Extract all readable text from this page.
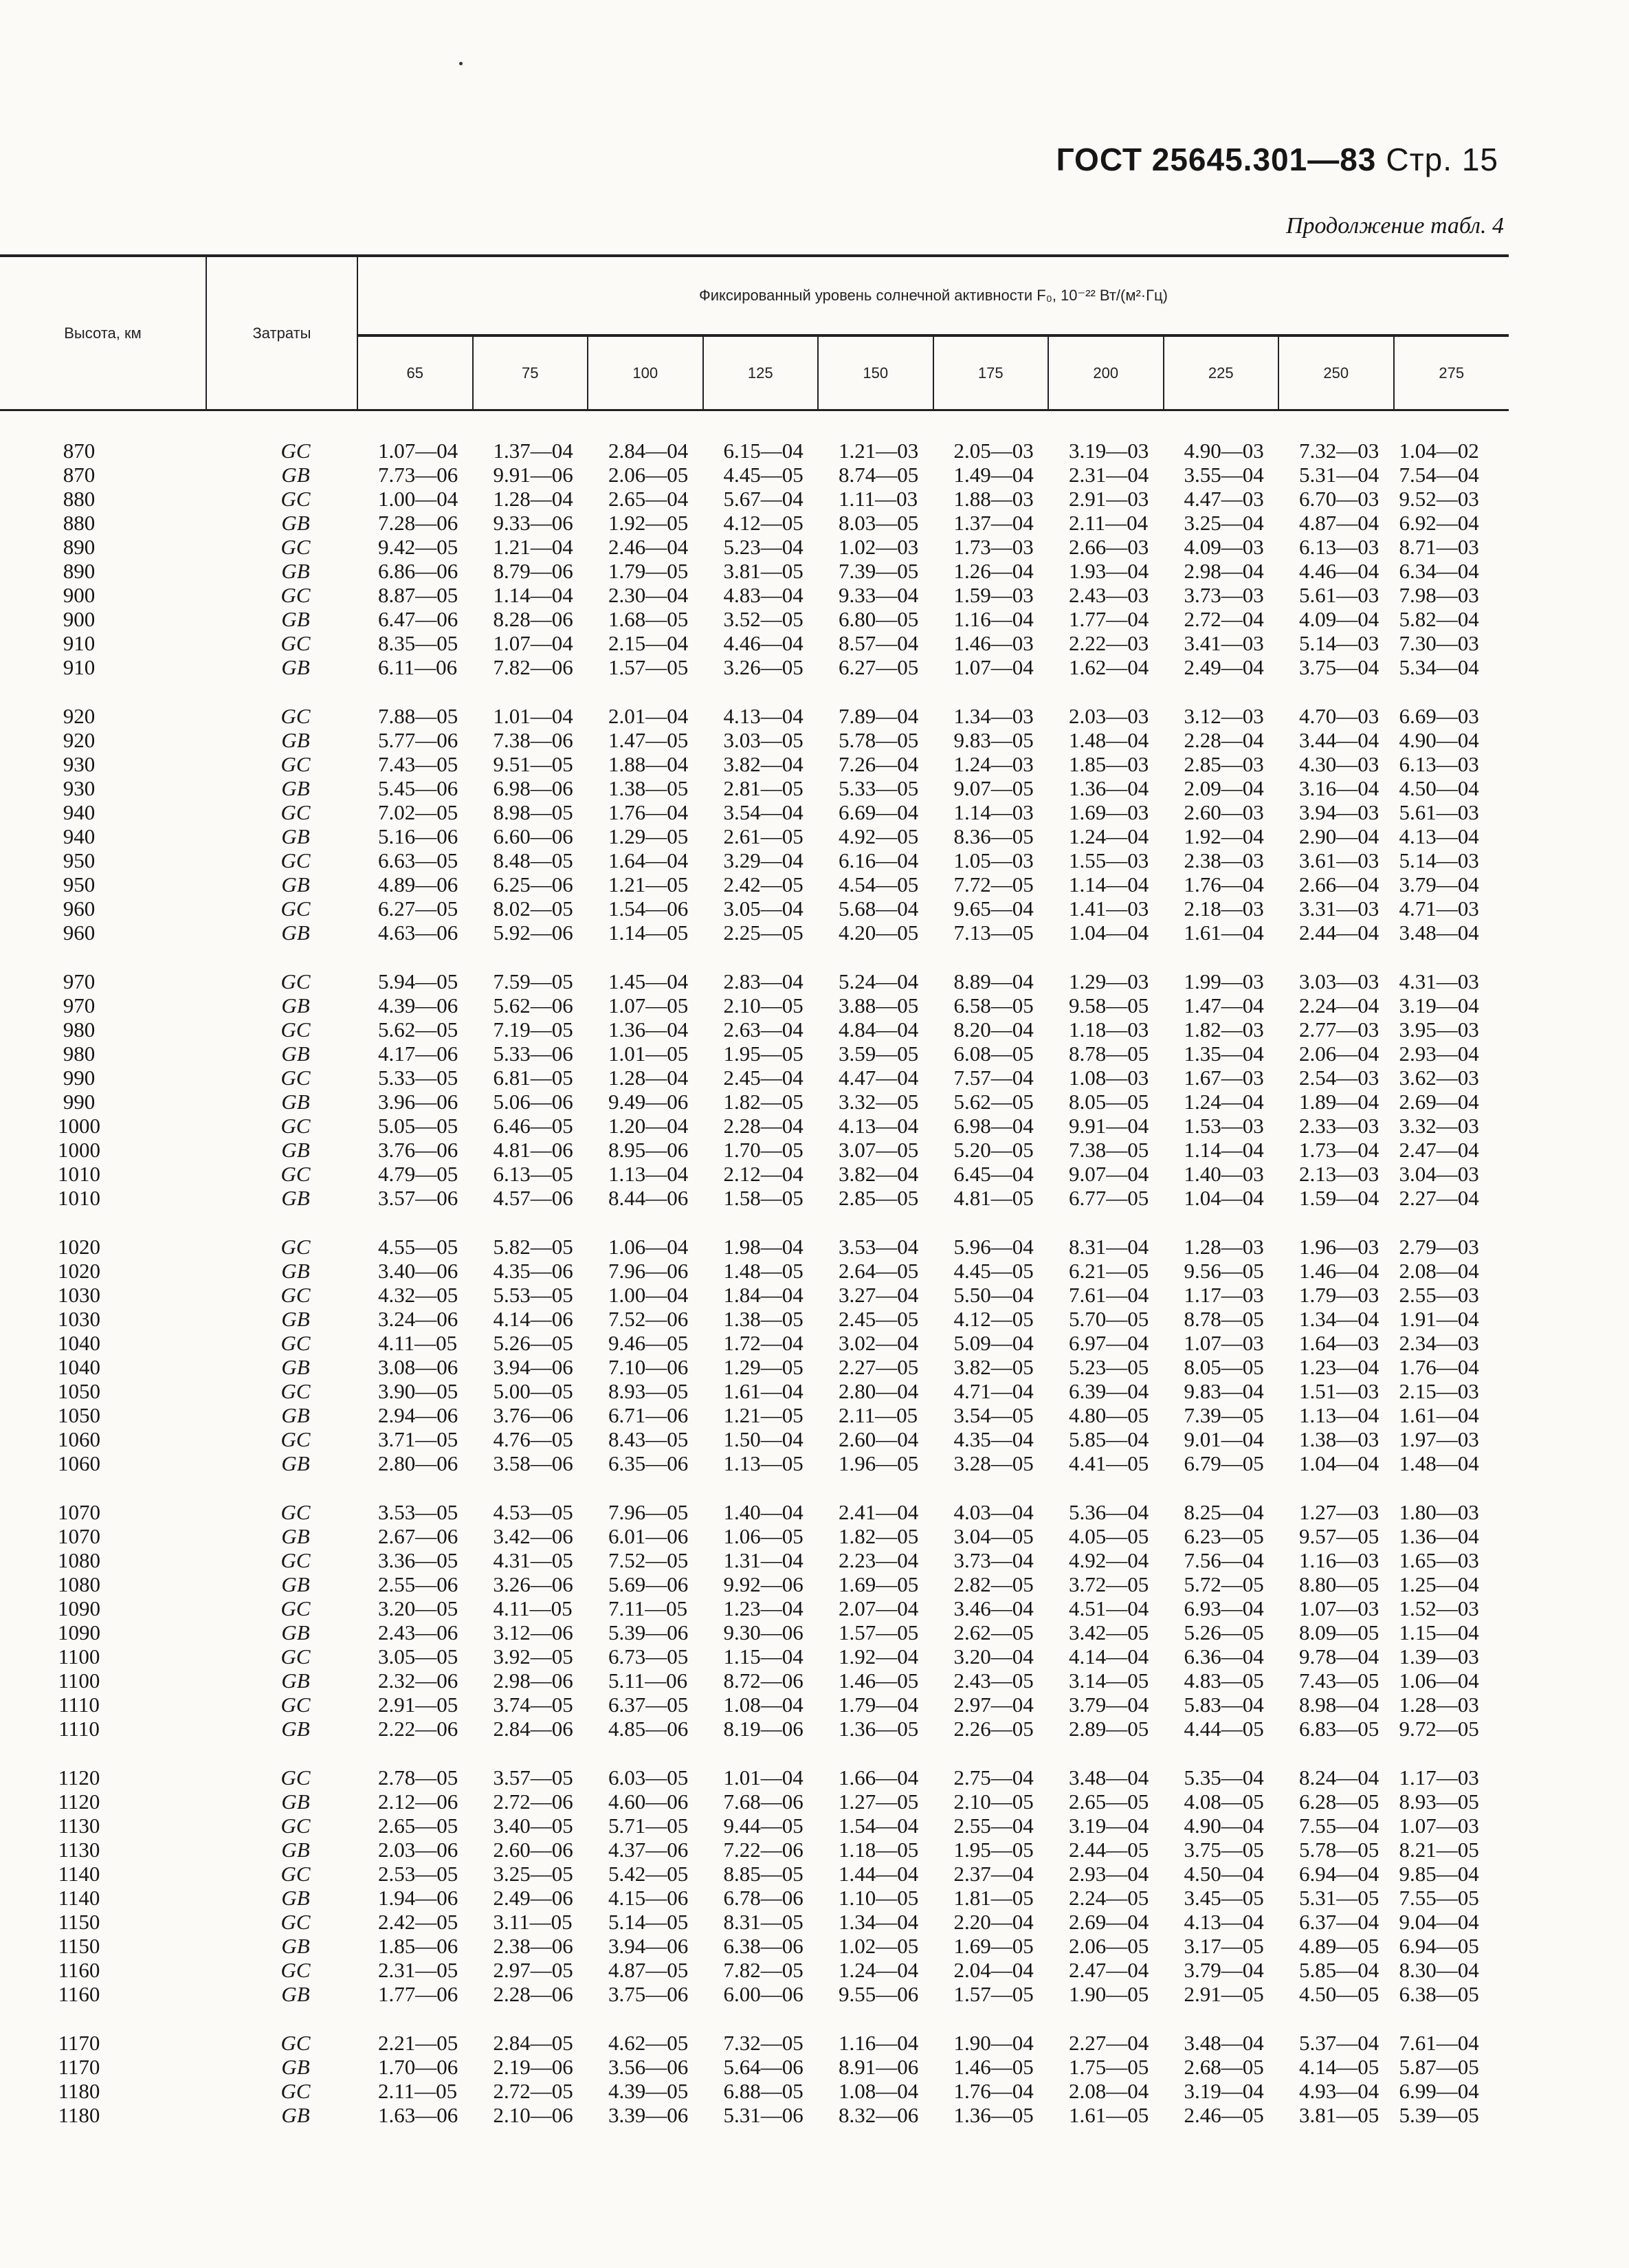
ГОСТ 25645.301—83 Стр. 15
Продолжение табл. 4
Высота, км	Затраты	Фиксированный уровень солнечной активности F₀, 10⁻²² Вт/(м²·Гц)									
		65	75	100	125	150	175	200	225	250	275

870	GC	1.07—04	1.37—04	2.84—04	6.15—04	1.21—03	2.05—03	3.19—03	4.90—03	7.32—03	1.04—02
870	GB	7.73—06	9.91—06	2.06—05	4.45—05	8.74—05	1.49—04	2.31—04	3.55—04	5.31—04	7.54—04
880	GC	1.00—04	1.28—04	2.65—04	5.67—04	1.11—03	1.88—03	2.91—03	4.47—03	6.70—03	9.52—03
880	GB	7.28—06	9.33—06	1.92—05	4.12—05	8.03—05	1.37—04	2.11—04	3.25—04	4.87—04	6.92—04
890	GC	9.42—05	1.21—04	2.46—04	5.23—04	1.02—03	1.73—03	2.66—03	4.09—03	6.13—03	8.71—03
890	GB	6.86—06	8.79—06	1.79—05	3.81—05	7.39—05	1.26—04	1.93—04	2.98—04	4.46—04	6.34—04
900	GC	8.87—05	1.14—04	2.30—04	4.83—04	9.33—04	1.59—03	2.43—03	3.73—03	5.61—03	7.98—03
900	GB	6.47—06	8.28—06	1.68—05	3.52—05	6.80—05	1.16—04	1.77—04	2.72—04	4.09—04	5.82—04
910	GC	8.35—05	1.07—04	2.15—04	4.46—04	8.57—04	1.46—03	2.22—03	3.41—03	5.14—03	7.30—03
910	GB	6.11—06	7.82—06	1.57—05	3.26—05	6.27—05	1.07—04	1.62—04	2.49—04	3.75—04	5.34—04

920	GC	7.88—05	1.01—04	2.01—04	4.13—04	7.89—04	1.34—03	2.03—03	3.12—03	4.70—03	6.69—03
920	GB	5.77—06	7.38—06	1.47—05	3.03—05	5.78—05	9.83—05	1.48—04	2.28—04	3.44—04	4.90—04
930	GC	7.43—05	9.51—05	1.88—04	3.82—04	7.26—04	1.24—03	1.85—03	2.85—03	4.30—03	6.13—03
930	GB	5.45—06	6.98—06	1.38—05	2.81—05	5.33—05	9.07—05	1.36—04	2.09—04	3.16—04	4.50—04
940	GC	7.02—05	8.98—05	1.76—04	3.54—04	6.69—04	1.14—03	1.69—03	2.60—03	3.94—03	5.61—03
940	GB	5.16—06	6.60—06	1.29—05	2.61—05	4.92—05	8.36—05	1.24—04	1.92—04	2.90—04	4.13—04
950	GC	6.63—05	8.48—05	1.64—04	3.29—04	6.16—04	1.05—03	1.55—03	2.38—03	3.61—03	5.14—03
950	GB	4.89—06	6.25—06	1.21—05	2.42—05	4.54—05	7.72—05	1.14—04	1.76—04	2.66—04	3.79—04
960	GC	6.27—05	8.02—05	1.54—06	3.05—04	5.68—04	9.65—04	1.41—03	2.18—03	3.31—03	4.71—03
960	GB	4.63—06	5.92—06	1.14—05	2.25—05	4.20—05	7.13—05	1.04—04	1.61—04	2.44—04	3.48—04

970	GC	5.94—05	7.59—05	1.45—04	2.83—04	5.24—04	8.89—04	1.29—03	1.99—03	3.03—03	4.31—03
970	GB	4.39—06	5.62—06	1.07—05	2.10—05	3.88—05	6.58—05	9.58—05	1.47—04	2.24—04	3.19—04
980	GC	5.62—05	7.19—05	1.36—04	2.63—04	4.84—04	8.20—04	1.18—03	1.82—03	2.77—03	3.95—03
980	GB	4.17—06	5.33—06	1.01—05	1.95—05	3.59—05	6.08—05	8.78—05	1.35—04	2.06—04	2.93—04
990	GC	5.33—05	6.81—05	1.28—04	2.45—04	4.47—04	7.57—04	1.08—03	1.67—03	2.54—03	3.62—03
990	GB	3.96—06	5.06—06	9.49—06	1.82—05	3.32—05	5.62—05	8.05—05	1.24—04	1.89—04	2.69—04
1000	GC	5.05—05	6.46—05	1.20—04	2.28—04	4.13—04	6.98—04	9.91—04	1.53—03	2.33—03	3.32—03
1000	GB	3.76—06	4.81—06	8.95—06	1.70—05	3.07—05	5.20—05	7.38—05	1.14—04	1.73—04	2.47—04
1010	GC	4.79—05	6.13—05	1.13—04	2.12—04	3.82—04	6.45—04	9.07—04	1.40—03	2.13—03	3.04—03
1010	GB	3.57—06	4.57—06	8.44—06	1.58—05	2.85—05	4.81—05	6.77—05	1.04—04	1.59—04	2.27—04

1020	GC	4.55—05	5.82—05	1.06—04	1.98—04	3.53—04	5.96—04	8.31—04	1.28—03	1.96—03	2.79—03
1020	GB	3.40—06	4.35—06	7.96—06	1.48—05	2.64—05	4.45—05	6.21—05	9.56—05	1.46—04	2.08—04
1030	GC	4.32—05	5.53—05	1.00—04	1.84—04	3.27—04	5.50—04	7.61—04	1.17—03	1.79—03	2.55—03
1030	GB	3.24—06	4.14—06	7.52—06	1.38—05	2.45—05	4.12—05	5.70—05	8.78—05	1.34—04	1.91—04
1040	GC	4.11—05	5.26—05	9.46—05	1.72—04	3.02—04	5.09—04	6.97—04	1.07—03	1.64—03	2.34—03
1040	GB	3.08—06	3.94—06	7.10—06	1.29—05	2.27—05	3.82—05	5.23—05	8.05—05	1.23—04	1.76—04
1050	GC	3.90—05	5.00—05	8.93—05	1.61—04	2.80—04	4.71—04	6.39—04	9.83—04	1.51—03	2.15—03
1050	GB	2.94—06	3.76—06	6.71—06	1.21—05	2.11—05	3.54—05	4.80—05	7.39—05	1.13—04	1.61—04
1060	GC	3.71—05	4.76—05	8.43—05	1.50—04	2.60—04	4.35—04	5.85—04	9.01—04	1.38—03	1.97—03
1060	GB	2.80—06	3.58—06	6.35—06	1.13—05	1.96—05	3.28—05	4.41—05	6.79—05	1.04—04	1.48—04

1070	GC	3.53—05	4.53—05	7.96—05	1.40—04	2.41—04	4.03—04	5.36—04	8.25—04	1.27—03	1.80—03
1070	GB	2.67—06	3.42—06	6.01—06	1.06—05	1.82—05	3.04—05	4.05—05	6.23—05	9.57—05	1.36—04
1080	GC	3.36—05	4.31—05	7.52—05	1.31—04	2.23—04	3.73—04	4.92—04	7.56—04	1.16—03	1.65—03
1080	GB	2.55—06	3.26—06	5.69—06	9.92—06	1.69—05	2.82—05	3.72—05	5.72—05	8.80—05	1.25—04
1090	GC	3.20—05	4.11—05	7.11—05	1.23—04	2.07—04	3.46—04	4.51—04	6.93—04	1.07—03	1.52—03
1090	GB	2.43—06	3.12—06	5.39—06	9.30—06	1.57—05	2.62—05	3.42—05	5.26—05	8.09—05	1.15—04
1100	GC	3.05—05	3.92—05	6.73—05	1.15—04	1.92—04	3.20—04	4.14—04	6.36—04	9.78—04	1.39—03
1100	GB	2.32—06	2.98—06	5.11—06	8.72—06	1.46—05	2.43—05	3.14—05	4.83—05	7.43—05	1.06—04
1110	GC	2.91—05	3.74—05	6.37—05	1.08—04	1.79—04	2.97—04	3.79—04	5.83—04	8.98—04	1.28—03
1110	GB	2.22—06	2.84—06	4.85—06	8.19—06	1.36—05	2.26—05	2.89—05	4.44—05	6.83—05	9.72—05

1120	GC	2.78—05	3.57—05	6.03—05	1.01—04	1.66—04	2.75—04	3.48—04	5.35—04	8.24—04	1.17—03
1120	GB	2.12—06	2.72—06	4.60—06	7.68—06	1.27—05	2.10—05	2.65—05	4.08—05	6.28—05	8.93—05
1130	GC	2.65—05	3.40—05	5.71—05	9.44—05	1.54—04	2.55—04	3.19—04	4.90—04	7.55—04	1.07—03
1130	GB	2.03—06	2.60—06	4.37—06	7.22—06	1.18—05	1.95—05	2.44—05	3.75—05	5.78—05	8.21—05
1140	GC	2.53—05	3.25—05	5.42—05	8.85—05	1.44—04	2.37—04	2.93—04	4.50—04	6.94—04	9.85—04
1140	GB	1.94—06	2.49—06	4.15—06	6.78—06	1.10—05	1.81—05	2.24—05	3.45—05	5.31—05	7.55—05
1150	GC	2.42—05	3.11—05	5.14—05	8.31—05	1.34—04	2.20—04	2.69—04	4.13—04	6.37—04	9.04—04
1150	GB	1.85—06	2.38—06	3.94—06	6.38—06	1.02—05	1.69—05	2.06—05	3.17—05	4.89—05	6.94—05
1160	GC	2.31—05	2.97—05	4.87—05	7.82—05	1.24—04	2.04—04	2.47—04	3.79—04	5.85—04	8.30—04
1160	GB	1.77—06	2.28—06	3.75—06	6.00—06	9.55—06	1.57—05	1.90—05	2.91—05	4.50—05	6.38—05

1170	GC	2.21—05	2.84—05	4.62—05	7.32—05	1.16—04	1.90—04	2.27—04	3.48—04	5.37—04	7.61—04
1170	GB	1.70—06	2.19—06	3.56—06	5.64—06	8.91—06	1.46—05	1.75—05	2.68—05	4.14—05	5.87—05
1180	GC	2.11—05	2.72—05	4.39—05	6.88—05	1.08—04	1.76—04	2.08—04	3.19—04	4.93—04	6.99—04
1180	GB	1.63—06	2.10—06	3.39—06	5.31—06	8.32—06	1.36—05	1.61—05	2.46—05	3.81—05	5.39—05
